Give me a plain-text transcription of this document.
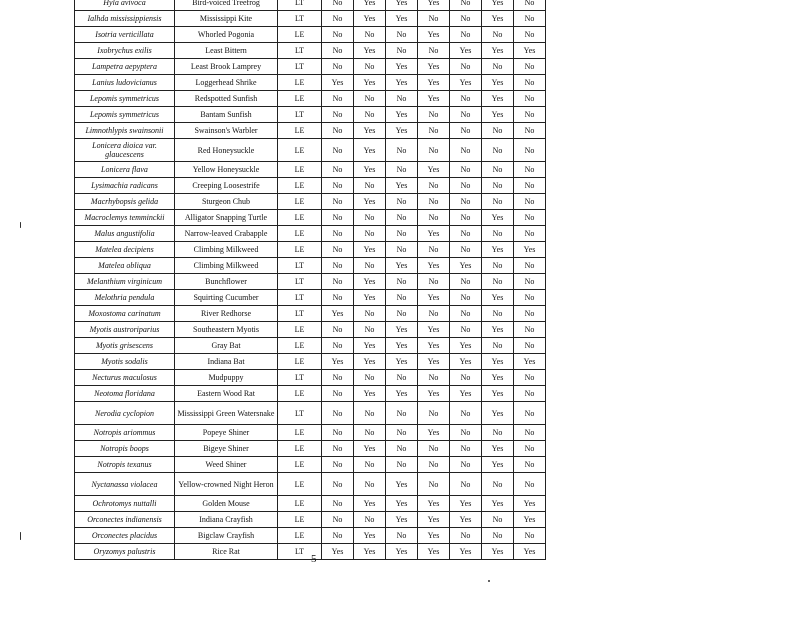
Hyla avivoca	Bird-voiced Treefrog	LT	No	Yes	Yes	Yes	No	Yes	No
Ialhda mississippiensis	Mississippi Kite	LT	No	Yes	Yes	No	No	Yes	No
Isotria verticillata	Whorled Pogonia	LE	No	No	No	Yes	No	No	No
Ixobrychus exilis	Least Bittern	LT	No	Yes	No	No	Yes	Yes	Yes
Lampetra aepyptera	Least Brook Lamprey	LT	No	No	Yes	Yes	No	No	No
Lanius ludovicianus	Loggerhead Shrike	LE	Yes	Yes	Yes	Yes	Yes	Yes	No
Lepomis symmetricus	Redspotted Sunfish	LE	No	No	No	Yes	No	Yes	No
Lepomis symmetricus	Bantam Sunfish	LT	No	No	Yes	No	No	Yes	No
Limnothlypis swainsonii	Swainson's Warbler	LE	No	Yes	Yes	No	No	No	No
Lonicera dioica var. glaucescens	Red Honeysuckle	LE	No	Yes	No	No	No	No	No
Lonicera flava	Yellow Honeysuckle	LE	No	Yes	No	Yes	No	No	No
Lysimachia radicans	Creeping Loosestrife	LE	No	No	Yes	No	No	No	No
Macrhybopsis gelida	Sturgeon Chub	LE	No	Yes	No	No	No	No	No
Macroclemys temminckii	Alligator Snapping Turtle	LE	No	No	No	No	No	Yes	No
Malus angustifolia	Narrow-leaved Crabapple	LE	No	No	No	Yes	No	No	No
Matelea decipiens	Climbing Milkweed	LE	No	Yes	No	No	No	Yes	Yes
Matelea obliqua	Climbing Milkweed	LT	No	No	Yes	Yes	Yes	No	No
Melanthium virginicum	Bunchflower	LT	No	Yes	No	No	No	No	No
Melothria pendula	Squirting Cucumber	LT	No	Yes	No	Yes	No	Yes	No
Moxostoma carinatum	River Redhorse	LT	Yes	No	No	No	No	No	No
Myotis austroriparius	Southeastern Myotis	LE	No	No	Yes	Yes	No	Yes	No
Myotis grisescens	Gray Bat	LE	No	Yes	Yes	Yes	Yes	No	No
Myotis sodalis	Indiana Bat	LE	Yes	Yes	Yes	Yes	Yes	Yes	Yes
Necturus maculosus	Mudpuppy	LT	No	No	No	No	No	Yes	No
Neotoma floridana	Eastern Wood Rat	LE	No	Yes	Yes	Yes	Yes	Yes	No
Nerodia cyclopion	Mississippi Green Watersnake	LT	No	No	No	No	No	Yes	No
Notropis ariommus	Popeye Shiner	LE	No	No	No	Yes	No	No	No
Notropis boops	Bigeye Shiner	LE	No	Yes	No	No	No	Yes	No
Notropis texanus	Weed Shiner	LE	No	No	No	No	No	Yes	No
Nyctanassa violacea	Yellow-crowned Night Heron	LE	No	No	Yes	No	No	No	No
Ochrotomys nuttalli	Golden Mouse	LE	No	Yes	Yes	Yes	Yes	Yes	Yes
Orconectes indianensis	Indiana Crayfish	LE	No	No	Yes	Yes	Yes	No	Yes
Orconectes placidus	Bigclaw Crayfish	LE	No	Yes	No	Yes	No	No	No
Oryzomys palustris	Rice Rat	LT	Yes	Yes	Yes	Yes	Yes	Yes	Yes
5
